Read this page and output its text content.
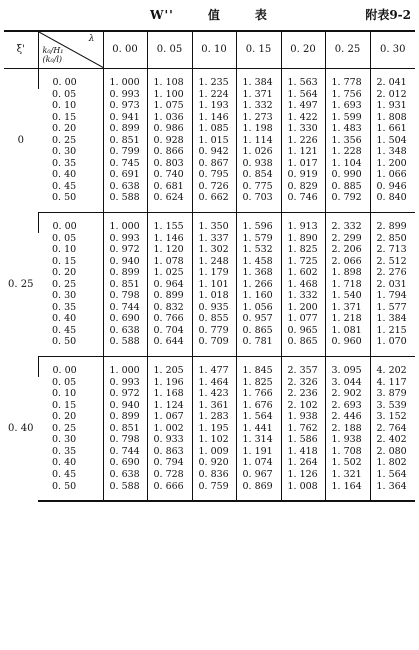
W''	值	表	附表9-2
ξ'	λ
k₀/H₁
(k₀/l)	0. 00	0. 05	0. 10	0. 15	0. 20	0. 25	0. 30
0	0. 00	1. 000	1. 108	1. 235	1. 384	1. 563	1. 778	2. 041
	0. 05	0. 993	1. 100	1. 224	1. 371	1. 564	1. 756	2. 012
	0. 10	0. 973	1. 075	1. 193	1. 332	1. 497	1. 693	1. 931
	0. 15	0. 941	1. 036	1. 146	1. 273	1. 422	1. 599	1. 808
	0. 20	0. 899	0. 986	1. 085	1. 198	1. 330	1. 483	1. 661
	0. 25	0. 851	0. 928	1. 015	1. 114	1. 226	1. 356	1. 504
	0. 30	0. 799	0. 866	0. 942	1. 026	1. 121	1. 228	1. 348
	0. 35	0. 745	0. 803	0. 867	0. 938	1. 017	1. 104	1. 200
	0. 40	0. 691	0. 740	0. 795	0. 854	0. 919	0. 990	1. 066
	0. 45	0. 638	0. 681	0. 726	0. 775	0. 829	0. 885	0. 946
	0. 50	0. 588	0. 624	0. 662	0. 703	0. 746	0. 792	0. 840
0. 25	0. 00	1. 000	1. 155	1. 350	1. 596	1. 913	2. 332	2. 899
	0. 05	0. 993	1. 146	1. 337	1. 579	1. 890	2. 299	2. 850
	0. 10	0. 972	1. 120	1. 302	1. 532	1. 825	2. 206	2. 713
	0. 15	0. 940	1. 078	1. 248	1. 458	1. 725	2. 066	2. 512
	0. 20	0. 899	1. 025	1. 179	1. 368	1. 602	1. 898	2. 276
	0. 25	0. 851	0. 964	1. 101	1. 266	1. 468	1. 718	2. 031
	0. 30	0. 798	0. 899	1. 018	1. 160	1. 332	1. 540	1. 794
	0. 35	0. 744	0. 832	0. 935	1. 056	1. 200	1. 371	1. 577
	0. 40	0. 690	0. 766	0. 855	0. 957	1. 077	1. 218	1. 384
	0. 45	0. 638	0. 704	0. 779	0. 865	0. 965	1. 081	1. 215
	0. 50	0. 588	0. 644	0. 709	0. 781	0. 865	0. 960	1. 070
0. 40	0. 00	1. 000	1. 205	1. 477	1. 845	2. 357	3. 095	4. 202
	0. 05	0. 993	1. 196	1. 464	1. 825	2. 326	3. 044	4. 117
	0. 10	0. 972	1. 168	1. 423	1. 766	2. 236	2. 902	3. 879
	0. 15	0. 940	1. 124	1. 361	1. 676	2. 102	2. 693	3. 539
	0. 20	0. 899	1. 067	1. 283	1. 564	1. 938	2. 446	3. 152
	0. 25	0. 851	1. 002	1. 195	1. 441	1. 762	2. 188	2. 764
	0. 30	0. 798	0. 933	1. 102	1. 314	1. 586	1. 938	2. 402
	0. 35	0. 744	0. 863	1. 009	1. 191	1. 418	1. 708	2. 080
	0. 40	0. 690	0. 794	0. 920	1. 074	1. 264	1. 502	1. 802
	0. 45	0. 638	0. 728	0. 836	0. 967	1. 126	1. 321	1. 564
	0. 50	0. 588	0. 666	0. 759	0. 869	1. 008	1. 164	1. 364
